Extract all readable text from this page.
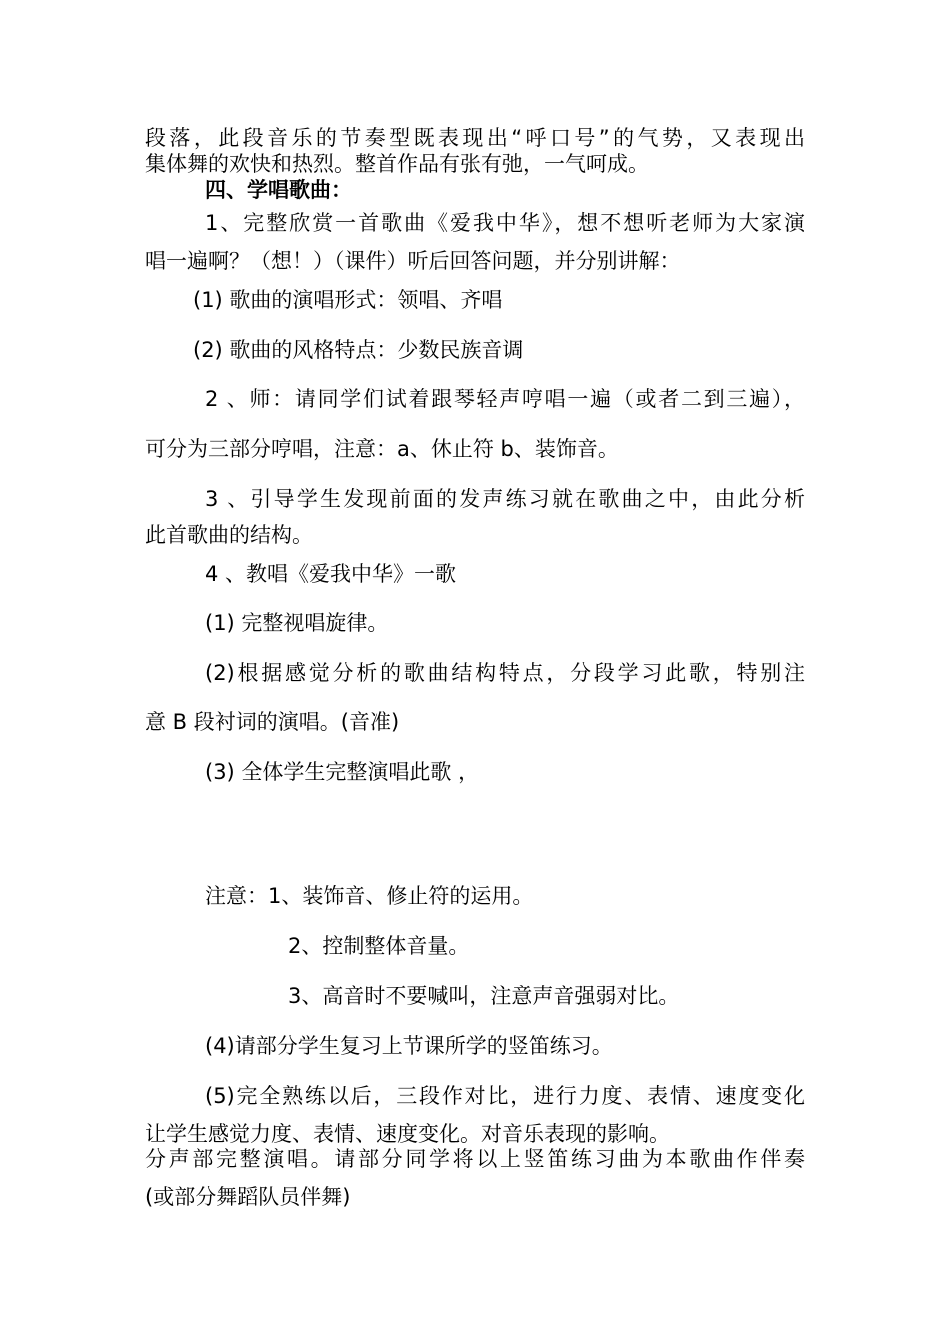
段落，此段音乐的节奏型既表现出“呼口号”的气势，又表现出
集体舞的欢快和热烈。整首作品有张有弛，一气呵成。
四、学唱歌曲：
1、完整欣赏一首歌曲《爱我中华》，想不想听老师为大家演
唱一遍啊？（想！）（课件）听后回答问题，并分别讲解：
(1) 歌曲的演唱形式：领唱、齐唱
(2) 歌曲的风格特点：少数民族音调
2 、师：请同学们试着跟琴轻声哼唱一遍（或者二到三遍），
可分为三部分哼唱，注意：a、休止符 b、装饰音。
3 、引导学生发现前面的发声练习就在歌曲之中，由此分析
此首歌曲的结构。
4 、教唱《爱我中华》一歌
(1) 完整视唱旋律。
(2)根据感觉分析的歌曲结构特点，分段学习此歌，特别注
意 B 段衬词的演唱。(音准)
(3) 全体学生完整演唱此歌 ，
注意：1、装饰音、修止符的运用。
2、控制整体音量。
3、高音时不要喊叫，注意声音强弱对比。
(4)请部分学生复习上节课所学的竖笛练习。
(5)完全熟练以后，三段作对比，进行力度、表情、速度变化
让学生感觉力度、表情、速度变化。对音乐表现的影响。
分声部完整演唱。请部分同学将以上竖笛练习曲为本歌曲作伴奏
(或部分舞蹈队员伴舞)
